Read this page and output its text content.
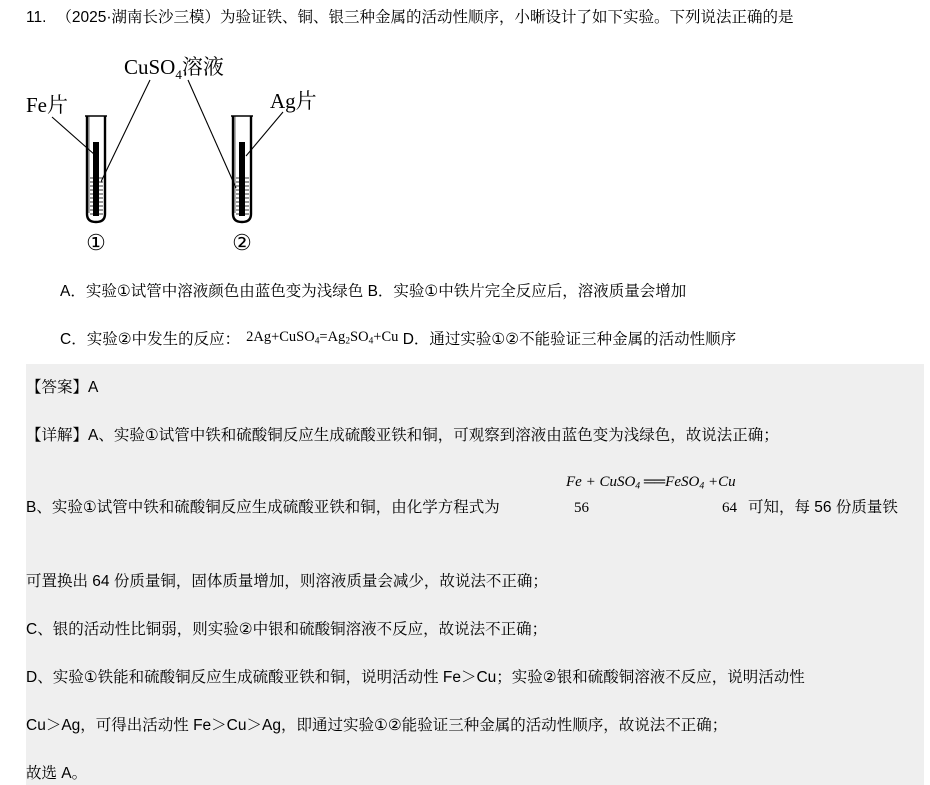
11. （2025·湖南长沙三模）为验证铁、铜、银三种金属的活动性顺序，小晰设计了如下实验。下列说法正确的是
CuSO$_4$溶液
Fe片	Ag片
①	②
A．实验①试管中溶液颜色由蓝色变为浅绿色 B．实验①中铁片完全反应后，溶液质量会增加
C．实验②中发生的反应： $2Ag+CuSO_4=Ag_2SO_4+Cu$ D．通过实验①②不能验证三种金属的活动性顺序
【答案】A
【详解】A、实验①试管中铁和硫酸铜反应生成硫酸亚铁和铜，可观察到溶液由蓝色变为浅绿色，故说法正确；
Fe + CuSO$_4$ ══FeSO$_4$ +Cu
B、实验①试管中铁和硫酸铜反应生成硫酸亚铁和铜，由化学方程式为	56	64 可知，每 56 份质量铁
可置换出 64 份质量铜，固体质量增加，则溶液质量会减少，故说法不正确；
C、银的活动性比铜弱，则实验②中银和硫酸铜溶液不反应，故说法不正确；
D、实验①铁能和硫酸铜反应生成硫酸亚铁和铜，说明活动性 Fe＞Cu；实验②银和硫酸铜溶液不反应，说明活动性
Cu＞Ag，可得出活动性 Fe＞Cu＞Ag，即通过实验①②能验证三种金属的活动性顺序，故说法不正确；
故选 A。
